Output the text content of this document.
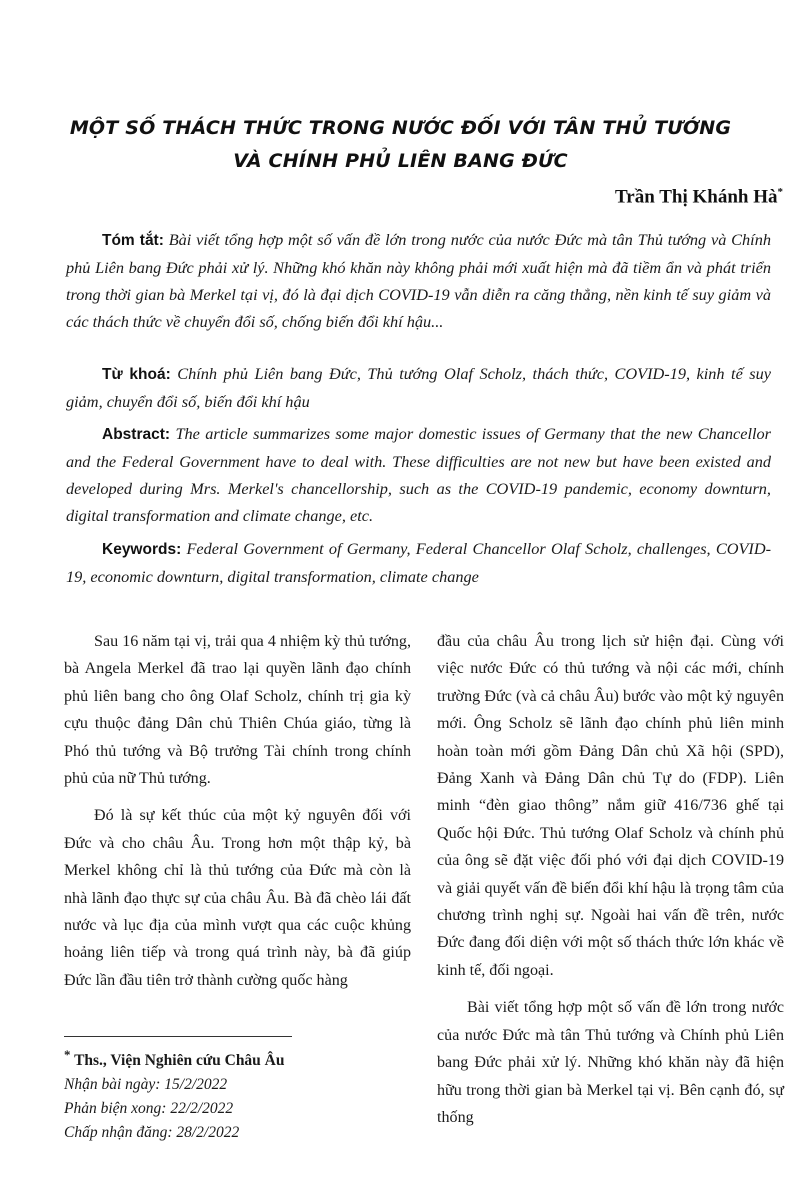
MỘT SỐ THÁCH THỨC TRONG NƯỚC ĐỐI VỚI TÂN THỦ TƯỚNG
VÀ CHÍNH PHỦ LIÊN BANG ĐỨC
Trần Thị Khánh Hà*

Tóm tắt: Bài viết tổng hợp một số vấn đề lớn trong nước của nước Đức mà tân Thủ tướng và Chính phủ Liên bang Đức phải xử lý. Những khó khăn này không phải mới xuất hiện mà đã tiềm ẩn và phát triển trong thời gian bà Merkel tại vị, đó là đại dịch COVID-19 vẫn diễn ra căng thẳng, nền kinh tế suy giảm và các thách thức về chuyển đổi số, chống biến đổi khí hậu...

Từ khoá: Chính phủ Liên bang Đức, Thủ tướng Olaf Scholz, thách thức, COVID-19, kinh tế suy giảm, chuyển đổi số, biến đổi khí hậu

Abstract: The article summarizes some major domestic issues of Germany that the new Chancellor and the Federal Government have to deal with. These difficulties are not new but have been existed and developed during Mrs. Merkel's chancellorship, such as the COVID-19 pandemic, economy downturn, digital transformation and climate change, etc.

Keywords: Federal Government of Germany, Federal Chancellor Olaf Scholz, challenges, COVID-19, economic downturn, digital transformation, climate change

Sau 16 năm tại vị, trải qua 4 nhiệm kỳ thủ tướng, bà Angela Merkel đã trao lại quyền lãnh đạo chính phủ liên bang cho ông Olaf Scholz, chính trị gia kỳ cựu thuộc đảng Dân chủ Thiên Chúa giáo, từng là Phó thủ tướng và Bộ trưởng Tài chính trong chính phủ của nữ Thủ tướng.

Đó là sự kết thúc của một kỷ nguyên đối với Đức và cho châu Âu. Trong hơn một thập kỷ, bà Merkel không chỉ là thủ tướng của Đức mà còn là nhà lãnh đạo thực sự của châu Âu. Bà đã chèo lái đất nước và lục địa của mình vượt qua các cuộc khủng hoảng liên tiếp và trong quá trình này, bà đã giúp Đức lần đầu tiên trở thành cường quốc hàng

đầu của châu Âu trong lịch sử hiện đại. Cùng với việc nước Đức có thủ tướng và nội các mới, chính trường Đức (và cả châu Âu) bước vào một kỷ nguyên mới. Ông Scholz sẽ lãnh đạo chính phủ liên minh hoàn toàn mới gồm Đảng Dân chủ Xã hội (SPD), Đảng Xanh và Đảng Dân chủ Tự do (FDP). Liên minh “đèn giao thông” nắm giữ 416/736 ghế tại Quốc hội Đức. Thủ tướng Olaf Scholz và chính phủ của ông sẽ đặt việc đối phó với đại dịch COVID-19 và giải quyết vấn đề biến đổi khí hậu là trọng tâm của chương trình nghị sự. Ngoài hai vấn đề trên, nước Đức đang đối diện với một số thách thức lớn khác về kinh tế, đối ngoại.

Bài viết tổng hợp một số vấn đề lớn trong nước của nước Đức mà tân Thủ tướng và Chính phủ Liên bang Đức phải xử lý. Những khó khăn này đã hiện hữu trong thời gian bà Merkel tại vị. Bên cạnh đó, sự thống

* Ths., Viện Nghiên cứu Châu Âu
Nhận bài ngày: 15/2/2022
Phản biện xong: 22/2/2022
Chấp nhận đăng: 28/2/2022
